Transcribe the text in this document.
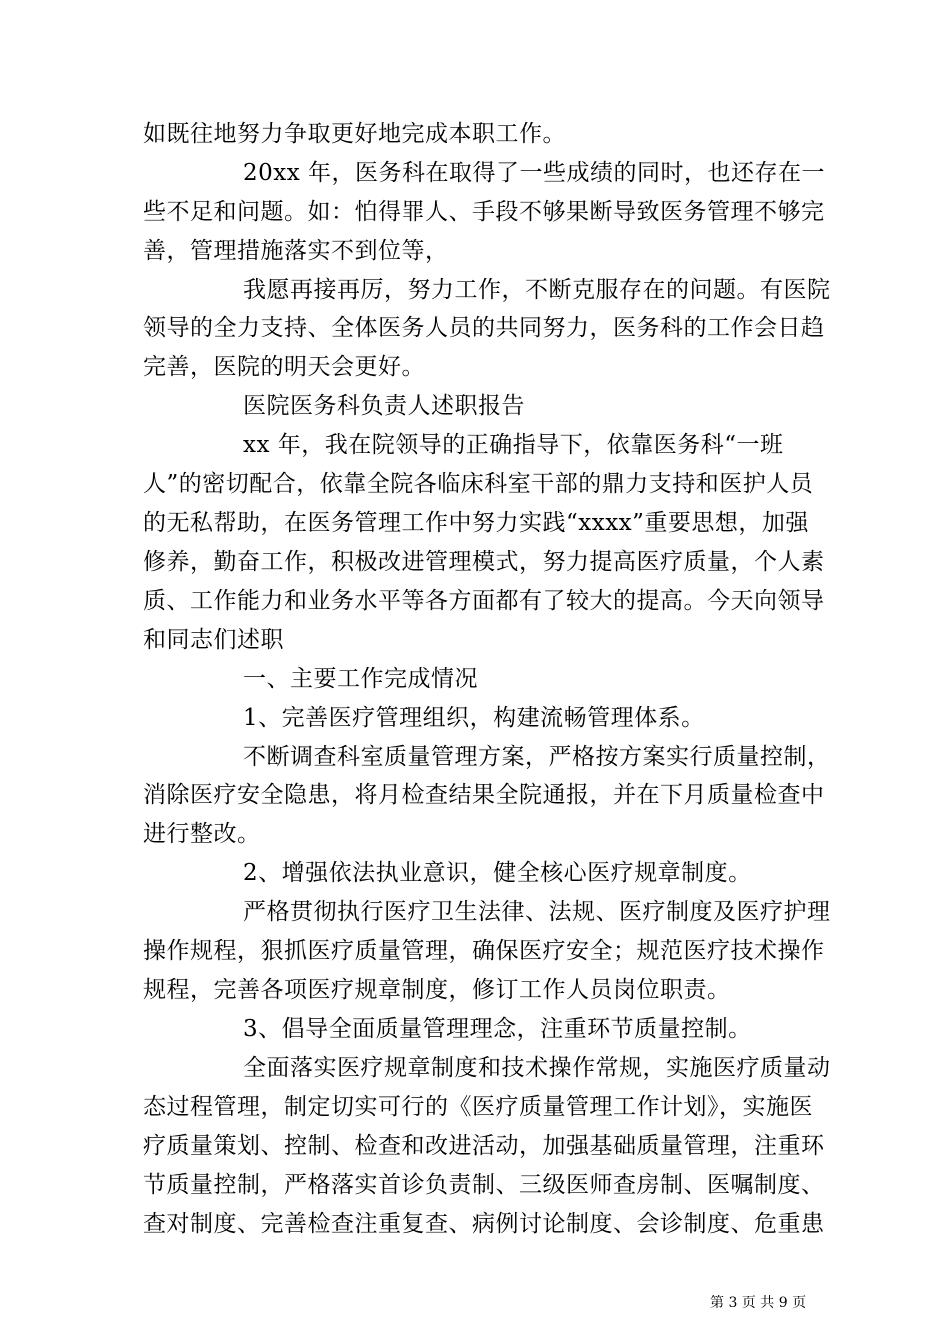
如既往地努力争取更好地完成本职工作。
20xx 年，医务科在取得了一些成绩的同时，也还存在一
些不足和问题。如：怕得罪人、手段不够果断导致医务管理不够完
善，管理措施落实不到位等，
我愿再接再厉，努力工作，不断克服存在的问题。有医院
领导的全力支持、全体医务人员的共同努力，医务科的工作会日趋
完善，医院的明天会更好。
医院医务科负责人述职报告
xx 年，我在院领导的正确指导下，依靠医务科“一班
人”的密切配合，依靠全院各临床科室干部的鼎力支持和医护人员
的无私帮助，在医务管理工作中努力实践“xxxx”重要思想，加强
修养，勤奋工作，积极改进管理模式，努力提高医疗质量，个人素
质、工作能力和业务水平等各方面都有了较大的提高。今天向领导
和同志们述职
一、主要工作完成情况
1、完善医疗管理组织，构建流畅管理体系。
不断调查科室质量管理方案，严格按方案实行质量控制，
消除医疗安全隐患，将月检查结果全院通报，并在下月质量检查中
进行整改。
2、增强依法执业意识，健全核心医疗规章制度。
严格贯彻执行医疗卫生法律、法规、医疗制度及医疗护理
操作规程，狠抓医疗质量管理，确保医疗安全；规范医疗技术操作
规程，完善各项医疗规章制度，修订工作人员岗位职责。
3、倡导全面质量管理理念，注重环节质量控制。
全面落实医疗规章制度和技术操作常规，实施医疗质量动
态过程管理，制定切实可行的《医疗质量管理工作计划》，实施医
疗质量策划、控制、检查和改进活动，加强基础质量管理，注重环
节质量控制，严格落实首诊负责制、三级医师查房制、医嘱制度、
查对制度、完善检查注重复查、病例讨论制度、会诊制度、危重患
第 3 页 共 9 页
